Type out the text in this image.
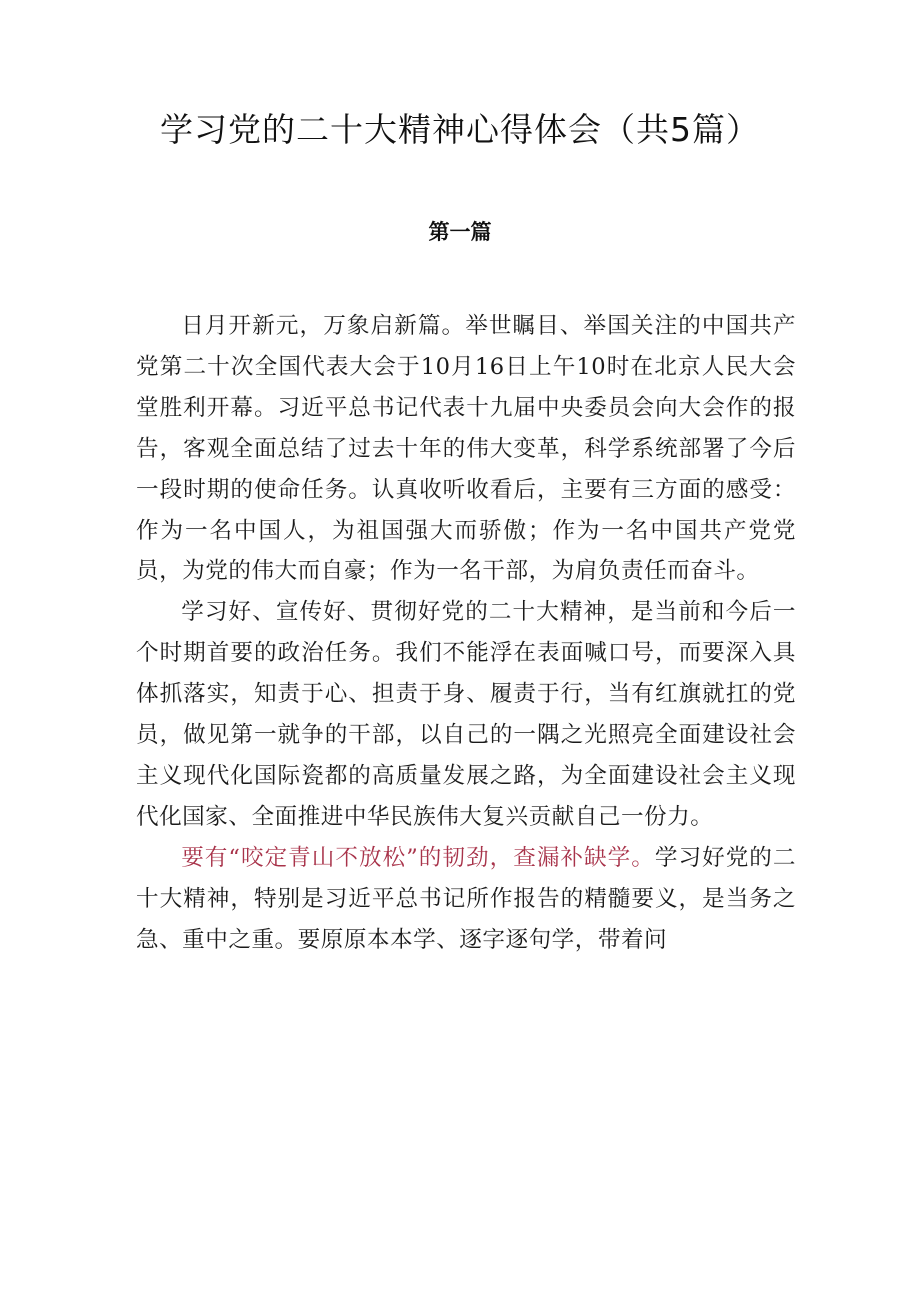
学习党的二十大精神心得体会（共5篇）
第一篇

日月开新元，万象启新篇。举世瞩目、举国关注的中国共产党第二十次全国代表大会于10月16日上午10时在北京人民大会堂胜利开幕。习近平总书记代表十九届中央委员会向大会作的报告，客观全面总结了过去十年的伟大变革，科学系统部署了今后一段时期的使命任务。认真收听收看后，主要有三方面的感受：作为一名中国人，为祖国强大而骄傲；作为一名中国共产党党员，为党的伟大而自豪；作为一名干部，为肩负责任而奋斗。

学习好、宣传好、贯彻好党的二十大精神，是当前和今后一个时期首要的政治任务。我们不能浮在表面喊口号，而要深入具体抓落实，知责于心、担责于身、履责于行，当有红旗就扛的党员，做见第一就争的干部，以自己的一隅之光照亮全面建设社会主义现代化国际瓷都的高质量发展之路，为全面建设社会主义现代化国家、全面推进中华民族伟大复兴贡献自己一份力。

要有“咬定青山不放松”的韧劲，查漏补缺学。学习好党的二十大精神，特别是习近平总书记所作报告的精髓要义，是当务之急、重中之重。要原原本本学、逐字逐句学，带着问
